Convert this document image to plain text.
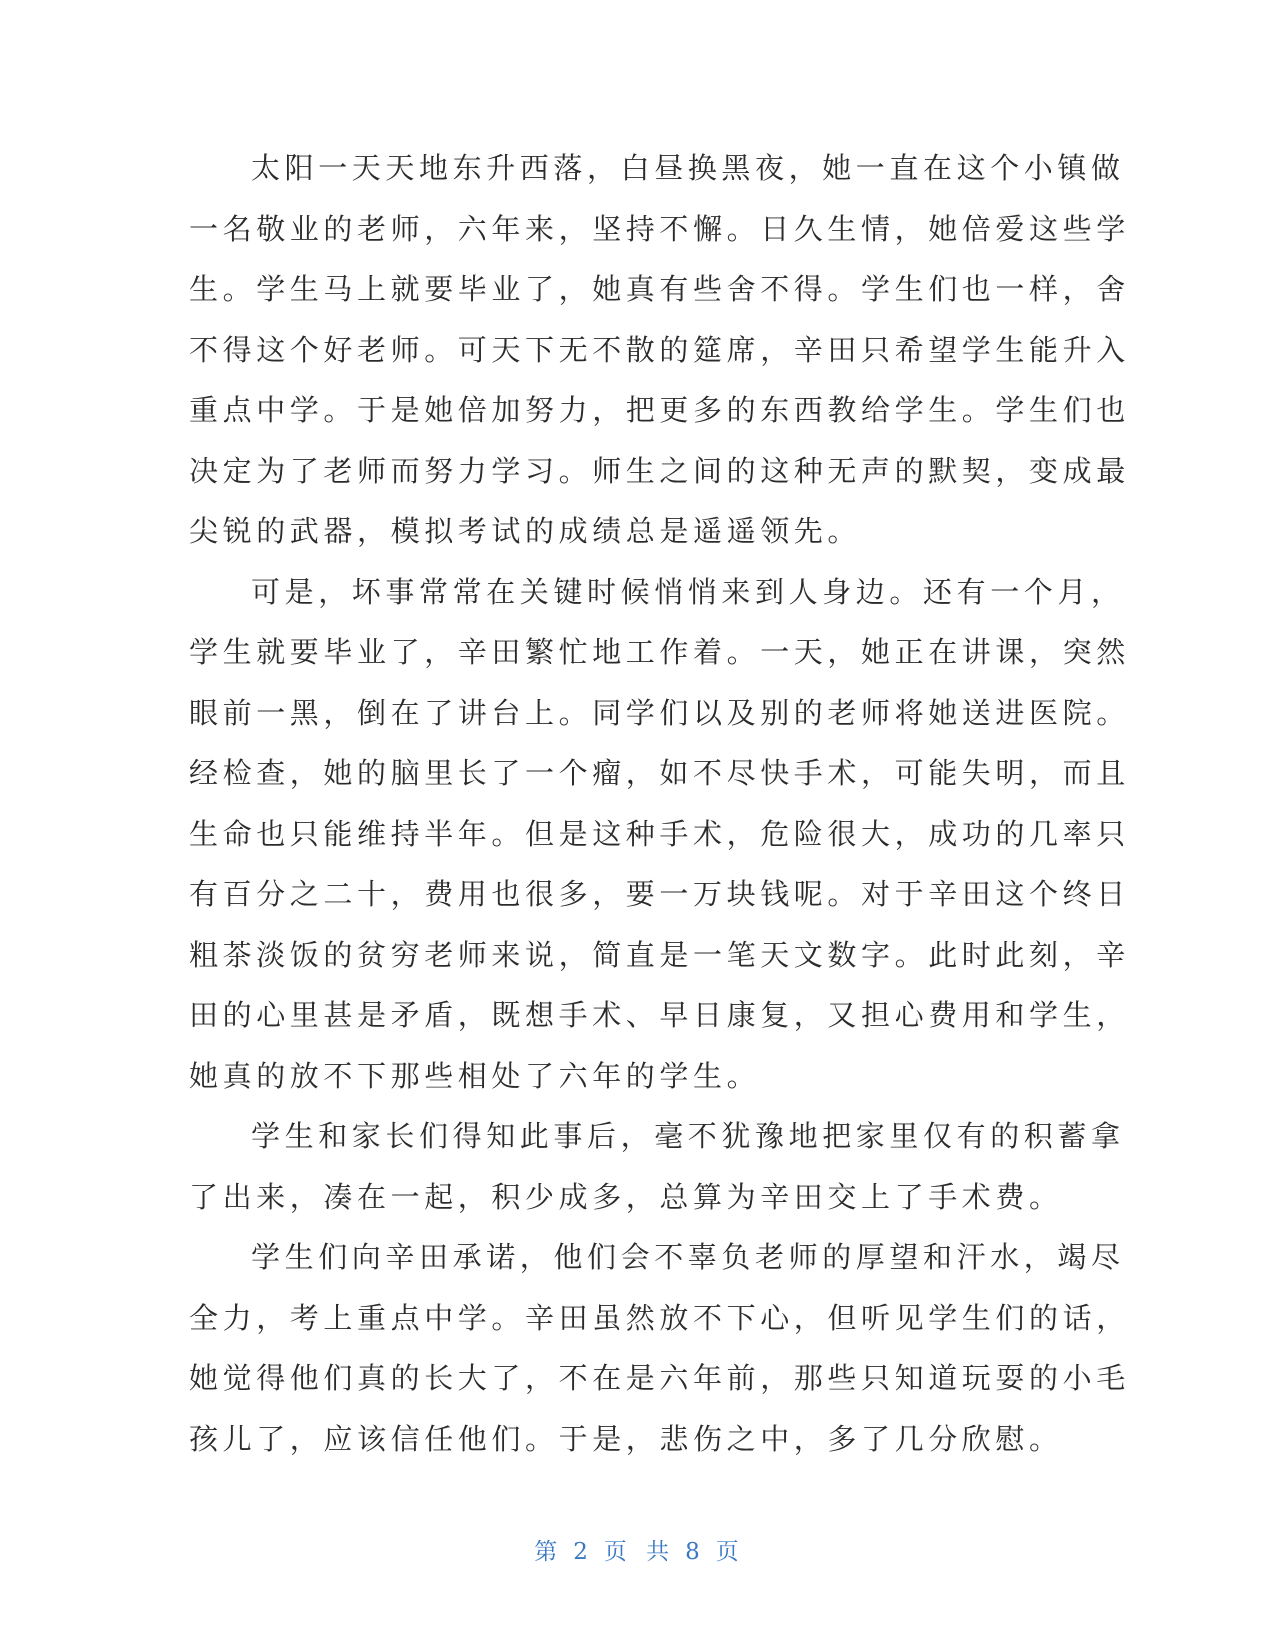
太阳一天天地东升西落，白昼换黑夜，她一直在这个小镇做

一名敬业的老师，六年来，坚持不懈。日久生情，她倍爱这些学

生。学生马上就要毕业了，她真有些舍不得。学生们也一样，舍

不得这个好老师。可天下无不散的筵席，辛田只希望学生能升入

重点中学。于是她倍加努力，把更多的东西教给学生。学生们也

决定为了老师而努力学习。师生之间的这种无声的默契，变成最

尖锐的武器，模拟考试的成绩总是遥遥领先。

可是，坏事常常在关键时候悄悄来到人身边。还有一个月，

学生就要毕业了，辛田繁忙地工作着。一天，她正在讲课，突然

眼前一黑，倒在了讲台上。同学们以及别的老师将她送进医院。

经检查，她的脑里长了一个瘤，如不尽快手术，可能失明，而且

生命也只能维持半年。但是这种手术，危险很大，成功的几率只

有百分之二十，费用也很多，要一万块钱呢。对于辛田这个终日

粗茶淡饭的贫穷老师来说，简直是一笔天文数字。此时此刻，辛

田的心里甚是矛盾，既想手术、早日康复，又担心费用和学生，

她真的放不下那些相处了六年的学生。

学生和家长们得知此事后，毫不犹豫地把家里仅有的积蓄拿

了出来，凑在一起，积少成多，总算为辛田交上了手术费。

学生们向辛田承诺，他们会不辜负老师的厚望和汗水，竭尽

全力，考上重点中学。辛田虽然放不下心，但听见学生们的话，

她觉得他们真的长大了，不在是六年前，那些只知道玩耍的小毛

孩儿了，应该信任他们。于是，悲伤之中，多了几分欣慰。

第 2 页 共 8 页
